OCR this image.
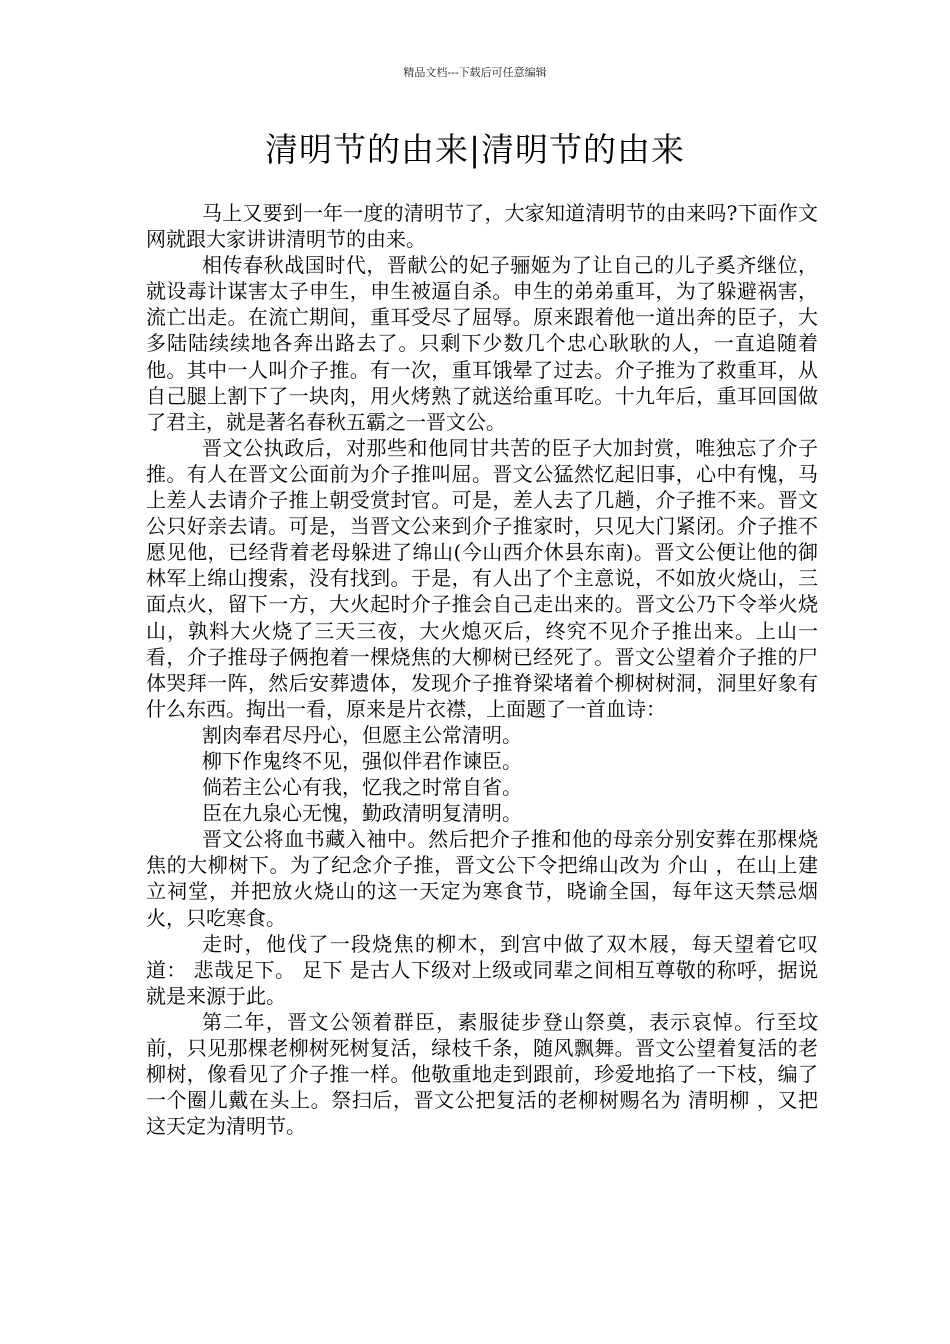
精品文档---下载后可任意编辑
清明节的由来|清明节的由来

马上又要到一年一度的清明节了，大家知道清明节的由来吗?下面作文网就跟大家讲讲清明节的由来。

相传春秋战国时代，晋献公的妃子骊姬为了让自己的儿子奚齐继位，就设毒计谋害太子申生，申生被逼自杀。申生的弟弟重耳，为了躲避祸害，流亡出走。在流亡期间，重耳受尽了屈辱。原来跟着他一道出奔的臣子，大多陆陆续续地各奔出路去了。只剩下少数几个忠心耿耿的人，一直追随着他。其中一人叫介子推。有一次，重耳饿晕了过去。介子推为了救重耳，从自己腿上割下了一块肉，用火烤熟了就送给重耳吃。十九年后，重耳回国做了君主，就是著名春秋五霸之一晋文公。

晋文公执政后，对那些和他同甘共苦的臣子大加封赏，唯独忘了介子推。有人在晋文公面前为介子推叫屈。晋文公猛然忆起旧事，心中有愧，马上差人去请介子推上朝受赏封官。可是，差人去了几趟，介子推不来。晋文公只好亲去请。可是，当晋文公来到介子推家时，只见大门紧闭。介子推不愿见他，已经背着老母躲进了绵山(今山西介休县东南)。晋文公便让他的御林军上绵山搜索，没有找到。于是，有人出了个主意说，不如放火烧山，三面点火，留下一方，大火起时介子推会自己走出来的。晋文公乃下令举火烧山，孰料大火烧了三天三夜，大火熄灭后，终究不见介子推出来。上山一看，介子推母子俩抱着一棵烧焦的大柳树已经死了。晋文公望着介子推的尸体哭拜一阵，然后安葬遗体，发现介子推脊梁堵着个柳树树洞，洞里好象有什么东西。掏出一看，原来是片衣襟，上面题了一首血诗：

割肉奉君尽丹心，但愿主公常清明。

柳下作鬼终不见，强似伴君作谏臣。

倘若主公心有我，忆我之时常自省。

臣在九泉心无愧，勤政清明复清明。

晋文公将血书藏入袖中。然后把介子推和他的母亲分别安葬在那棵烧焦的大柳树下。为了纪念介子推，晋文公下令把绵山改为 介山 ，在山上建立祠堂，并把放火烧山的这一天定为寒食节，晓谕全国，每年这天禁忌烟火，只吃寒食。

走时，他伐了一段烧焦的柳木，到宫中做了双木屐，每天望着它叹道： 悲哉足下。 足下 是古人下级对上级或同辈之间相互尊敬的称呼，据说就是来源于此。

第二年，晋文公领着群臣，素服徒步登山祭奠，表示哀悼。行至坟前，只见那棵老柳树死树复活，绿枝千条，随风飘舞。晋文公望着复活的老柳树，像看见了介子推一样。他敬重地走到跟前，珍爱地掐了一下枝，编了一个圈儿戴在头上。祭扫后，晋文公把复活的老柳树赐名为 清明柳 ，又把这天定为清明节。
